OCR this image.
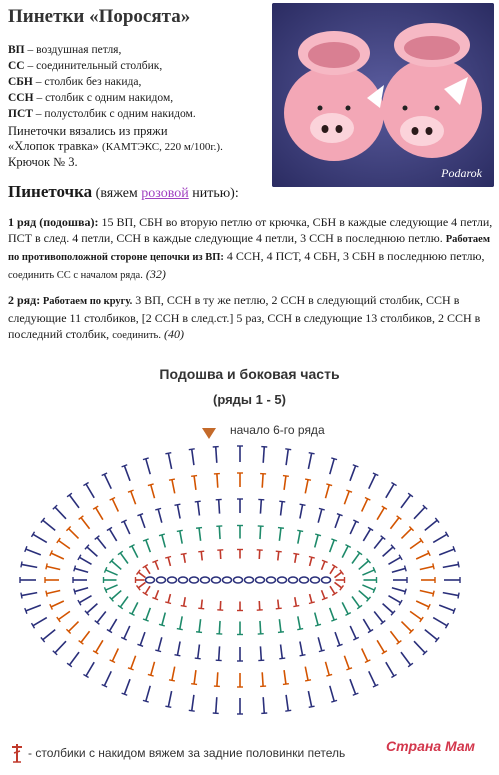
Пинетки «Поросята»
ВП – воздушная петля,
СС – соединительный столбик,
СБН – столбик без накида,
ССН – столбик с одним накидом,
ПСТ – полустолбик с одним накидом.
Пинеточки вязались из пряжи
«Хлопок травка» (КАМТЭКС, 220 м/100г.).
Крючок № 3.
Podarok
Пинеточка (вяжем розовой нитью):
1 ряд (подошва): 15 ВП, СБН во вторую петлю от крючка, СБН в каждые следующие 4 петли, ПСТ в след. 4 петли, ССН в каждые следующие 4 петли, 3 ССН в последнюю петлю. Работаем по противоположной стороне цепочки из ВП: 4 ССН, 4 ПСТ, 4 СБН, 3 СБН в последнюю петлю, соединить СС с началом ряда. (32)
2 ряд: Работаем по кругу. 3 ВП, ССН в ту же петлю, 2 ССН в следующий столбик, ССН в следующие 11 столбиков, [2 ССН в след.ст.] 5 раз, ССН в следующие 13 столбиков, 2 ССН в последний столбик, соединить. (40)
Подошва и боковая часть
(ряды 1 - 5)
начало 6-го ряда
- столбики с накидом вяжем за задние половинки петель	Страна Мам
